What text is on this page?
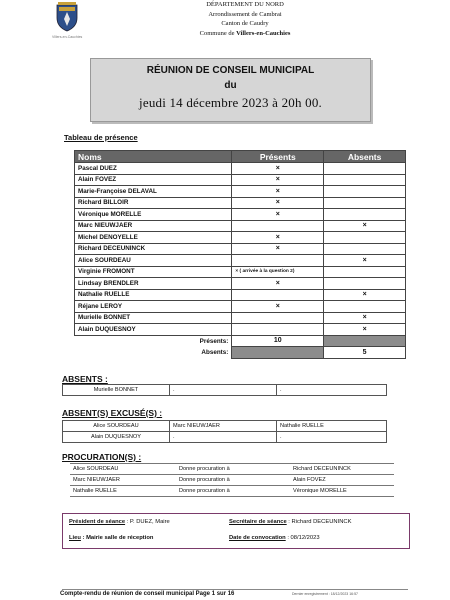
Villers-en-Cauchies
DÉPARTEMENT DU NORD
Arrondissement de Cambrai
Canton de Caudry
Commune de Villers-en-Cauchies
RÉUNION DE CONSEIL MUNICIPAL
du
jeudi 14 décembre 2023 à 20h 00.
Tableau de présence
Noms	Présents	Absents
Pascal DUEZ	×	
Alain FOVEZ	×	
Marie-Françoise DELAVAL	×	
Richard BILLOIR	×	
Véronique MORELLE	×	
Marc NIEUWJAER		×
Michel DENOYELLE	×	
Richard DECEUNINCK	×	
Alice SOURDEAU		×
Virginie FROMONT	× ( arrivée à la question 2)	
Lindsay BRENDLER	×	
Nathalie RUELLE		×
Réjane LEROY	×	
Murielle BONNET		×
Alain DUQUESNOY		×
Présents:	10	
Absents:		5
ABSENTS :
Murielle BONNET	.	.
ABSENT(S) EXCUSÉ(S) :
Alice SOURDEAU	Marc NIEUWJAER	Nathalie RUELLE
Alain DUQUESNOY	.	.
PROCURATION(S) :
Alice SOURDEAU	Donne procuration à	Richard DECEUNINCK
Marc NIEUWJAER	Donne procuration à	Alain FOVEZ
Nathalie RUELLE	Donne procuration à	Véronique MORELLE
Président de séance : P. DUEZ, Maire	Secrétaire de séance : Richard DECEUNINCK
Lieu : Mairie salle de réception	Date de convocation : 08/12/2023
Compte-rendu de réunion de conseil municipal Page 1 sur 16	Dernier enregistrement : 18/12/2023 16:57
